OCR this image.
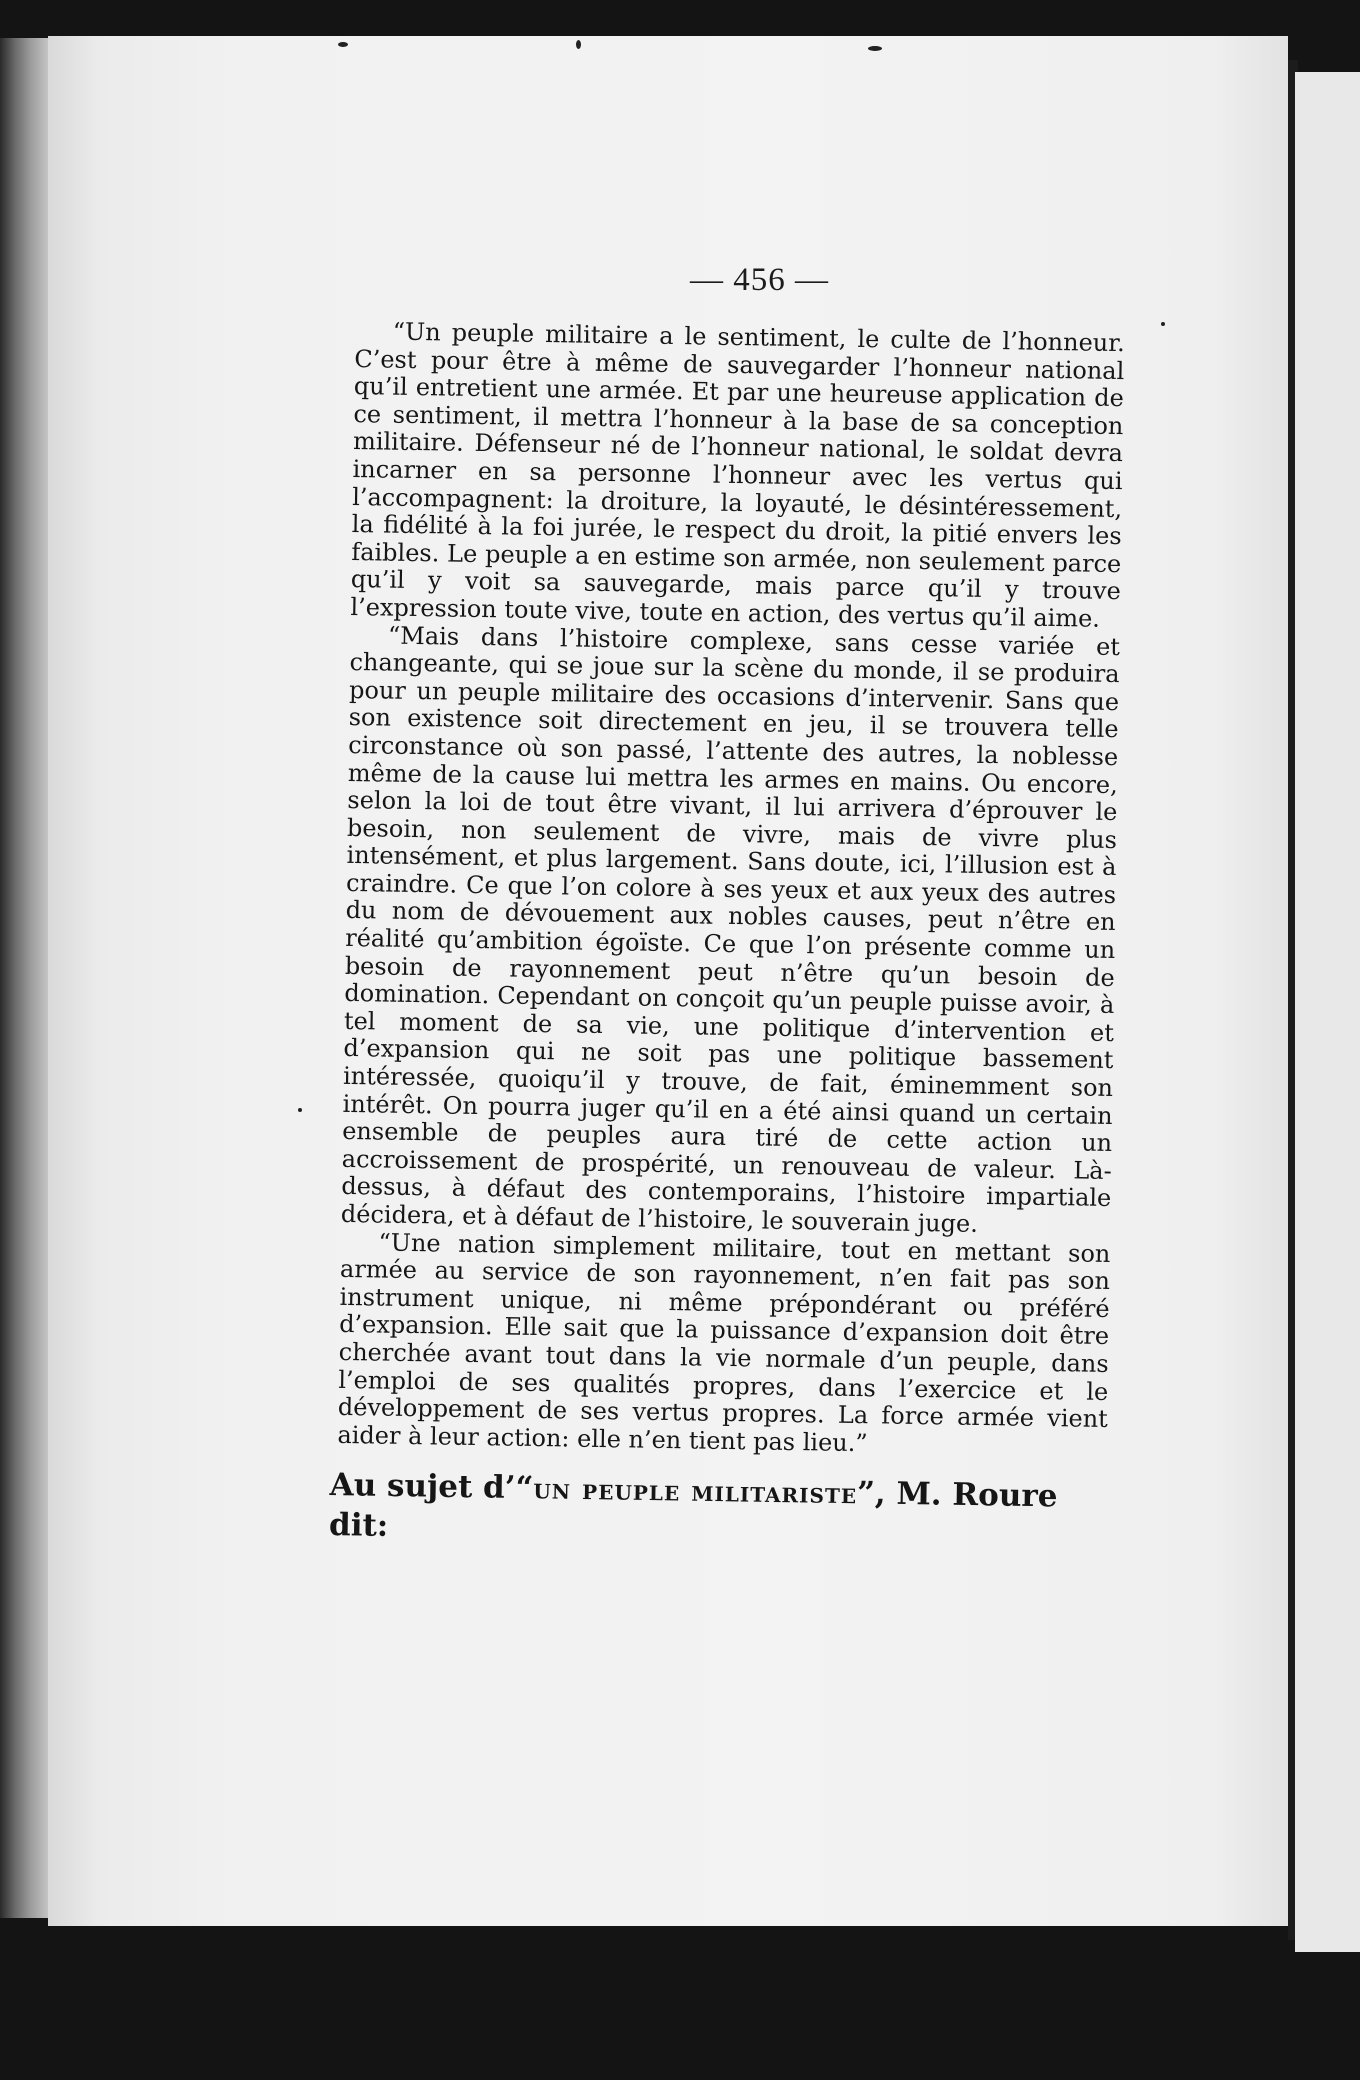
— 456 —

“Un peuple militaire a le sentiment, le culte de l’honneur. C’est pour être à même de sauvegarder l’honneur national qu’il entretient une armée. Et par une heureuse application de ce sentiment, il mettra l’honneur à la base de sa conception militaire. Défenseur né de l’honneur national, le soldat devra incarner en sa personne l’honneur avec les vertus qui l’accompagnent: la droiture, la loyauté, le désintéressement, la fidélité à la foi jurée, le respect du droit, la pitié envers les faibles. Le peuple a en estime son armée, non seulement parce qu’il y voit sa sauvegarde, mais parce qu’il y trouve l’expression toute vive, toute en action, des vertus qu’il aime.

“Mais dans l’histoire complexe, sans cesse variée et changeante, qui se joue sur la scène du monde, il se produira pour un peuple militaire des occasions d’intervenir. Sans que son existence soit directement en jeu, il se trouvera telle circonstance où son passé, l’attente des autres, la noblesse même de la cause lui mettra les armes en mains. Ou encore, selon la loi de tout être vivant, il lui arrivera d’éprouver le besoin, non seulement de vivre, mais de vivre plus intensément, et plus largement. Sans doute, ici, l’illusion est à craindre. Ce que l’on colore à ses yeux et aux yeux des autres du nom de dévouement aux nobles causes, peut n’être en réalité qu’ambition égoïste. Ce que l’on présente comme un besoin de rayonnement peut n’être qu’un besoin de domination. Cependant on conçoit qu’un peuple puisse avoir, à tel moment de sa vie, une politique d’intervention et d’expansion qui ne soit pas une politique bassement intéressée, quoiqu’il y trouve, de fait, éminemment son intérêt. On pourra juger qu’il en a été ainsi quand un certain ensemble de peuples aura tiré de cette action un accroissement de prospérité, un renouveau de valeur. Là-dessus, à défaut des contemporains, l’histoire impartiale décidera, et à défaut de l’histoire, le souverain juge.

“Une nation simplement militaire, tout en mettant son armée au service de son rayonnement, n’en fait pas son instrument unique, ni même prépondérant ou préféré d’expansion. Elle sait que la puissance d’expansion doit être cherchée avant tout dans la vie normale d’un peuple, dans l’emploi de ses qualités propres, dans l’exercice et le développement de ses vertus propres. La force armée vient aider à leur action: elle n’en tient pas lieu.”

Au sujet d’“un peuple militariste”, M. Roure dit:
